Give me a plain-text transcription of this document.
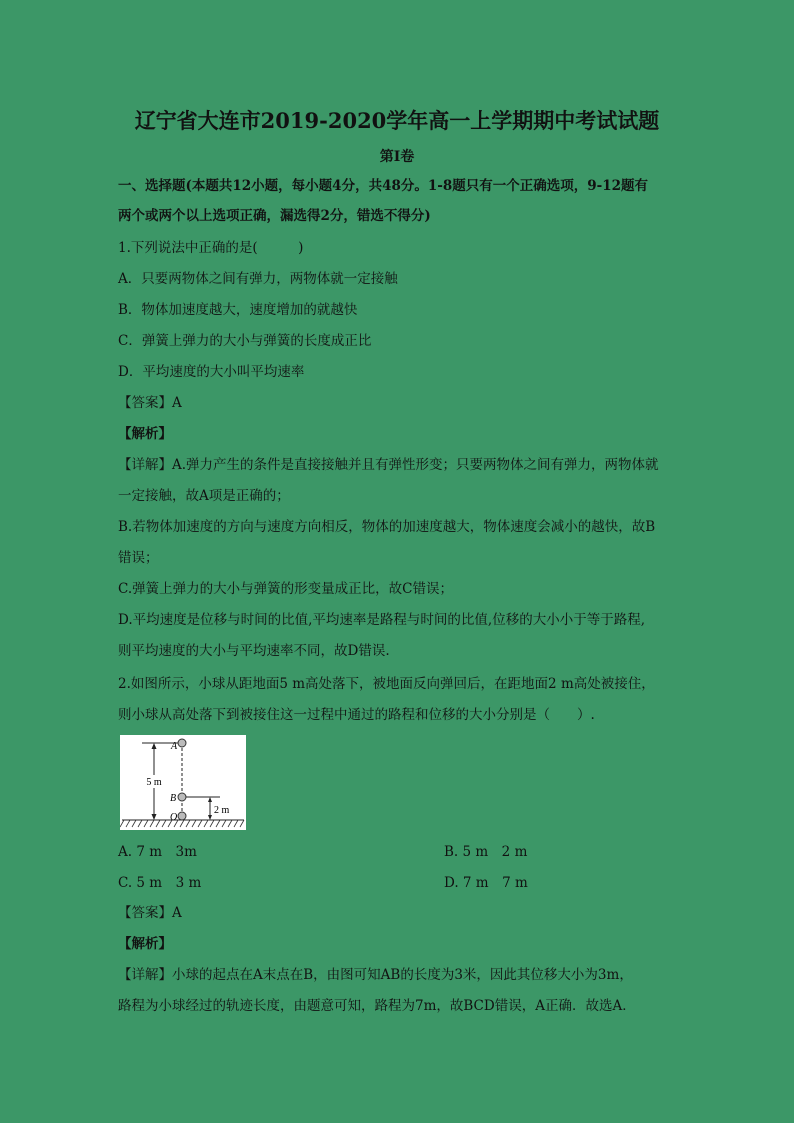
辽宁省大连市2019-2020学年高一上学期期中考试试题
第Ⅰ卷
一、选择题(本题共12小题，每小题4分，共48分。1-8题只有一个正确选项，9-12题有
两个或两个以上选项正确，漏选得2分，错选不得分)
1.下列说法中正确的是(　　　)
A．只要两物体之间有弹力，两物体就一定接触
B．物体加速度越大，速度增加的就越快
C．弹簧上弹力的大小与弹簧的长度成正比
D．平均速度的大小叫平均速率
【答案】A
【解析】
【详解】A.弹力产生的条件是直接接触并且有弹性形变；只要两物体之间有弹力，两物体就
一定接触，故A项是正确的；
B.若物体加速度的方向与速度方向相反，物体的加速度越大，物体速度会减小的越快，故B
错误；
C.弹簧上弹力的大小与弹簧的形变量成正比，故C错误；
D.平均速度是位移与时间的比值,平均速率是路程与时间的比值,位移的大小小于等于路程,
则平均速度的大小与平均速率不同，故D错误.
2.如图所示，小球从距地面5 m高处落下，被地面反向弹回后，在距地面2 m高处被接住，
则小球从高处落下到被接住这一过程中通过的路程和位移的大小分别是（　　）.
5 m
2 m
A
B
O
A. 7 m　3m	B. 5 m　2 m
C. 5 m　3 m	D. 7 m　7 m
【答案】A
【解析】
【详解】小球的起点在A末点在B，由图可知AB的长度为3米，因此其位移大小为3m，
路程为小球经过的轨迹长度，由题意可知，路程为7m，故BCD错误，A正确．故选A．
